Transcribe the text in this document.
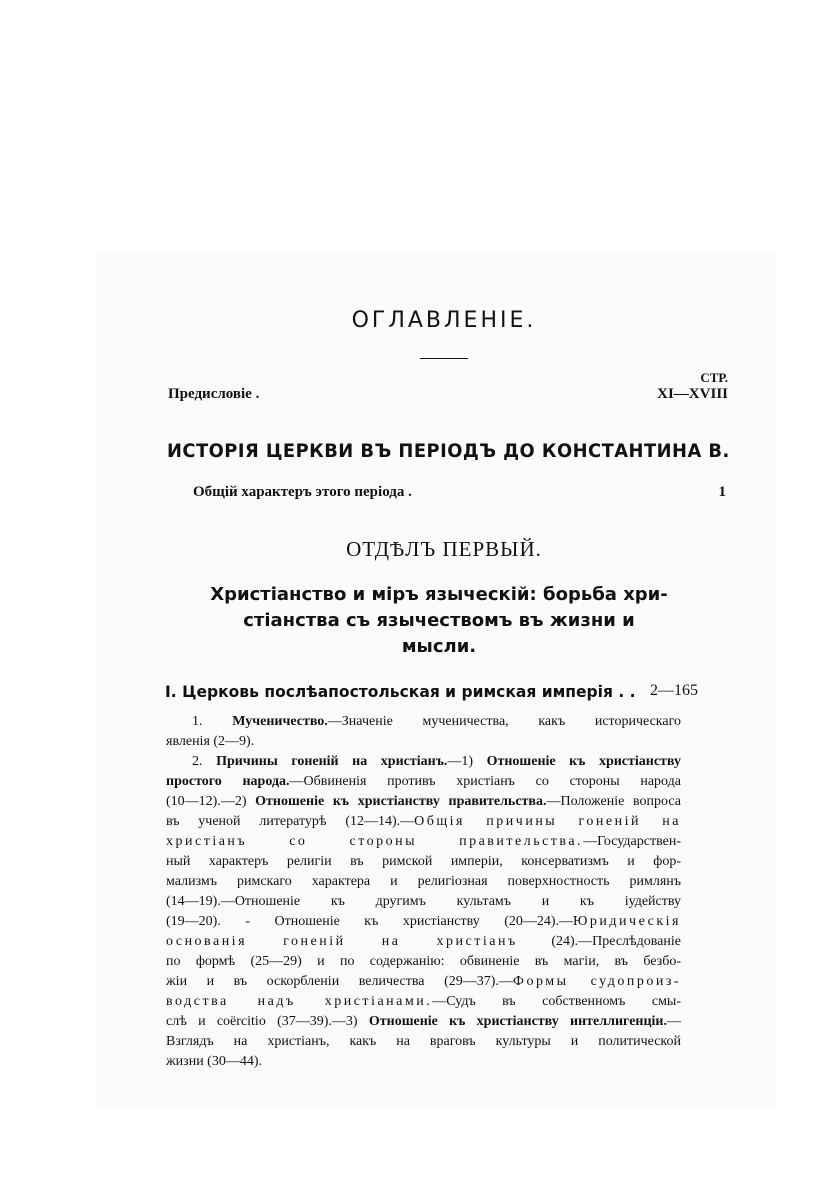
ОГЛАВЛЕНІЕ.
СТР.
Предисловіе .	XI—XVIII
ИСТОРІЯ ЦЕРКВИ ВЪ ПЕРІОДЪ ДО КОНСТАНТИНА В.
Общій характеръ этого періода .	1
ОТДѢЛЪ ПЕРВЫЙ.
Христіанство и міръ языческій: борьба хри-
стіанства съ язычествомъ въ жизни и
мысли.
I. Церковь послѣапостольская и римская имперія . . 2—165
1. Мученичество.—Значеніе мученичества, какъ историческаго
явленія (2—9).
2. Причины гоненій на христіанъ.—1) Отношеніе къ христіанству
простого народа.—Обвиненія противъ христіанъ со стороны народа
(10—12).—2) Отношеніе къ христіанству правительства.—Положеніе вопроса
въ ученой литературѣ (12—14).—Общія причины гоненій на
христіанъ со стороны правительства.—Государствен-
ный характеръ религіи въ римской имперіи, консерватизмъ и фор-
мализмъ римскаго характера и религіозная поверхностность римлянъ
(14—19).—Отношеніе къ другимъ культамъ и къ іудейству
(19—20). - Отношеніе къ христіанству (20—24).—Юридическія
основанія гоненій на христіанъ (24).—Преслѣдованіе
по формѣ (25—29) и по содержанію: обвиненіе въ магіи, въ безбо-
жіи и въ оскорбленіи величества (29—37).—Формы судопроиз-
водства надъ христіанами.—Судъ въ собственномъ смы-
слѣ и coërcitio (37—39).—3) Отношеніе къ христіанству интеллигенціи.—
Взглядъ на христіанъ, какъ на враговъ культуры и политической
жизни (30—44).
